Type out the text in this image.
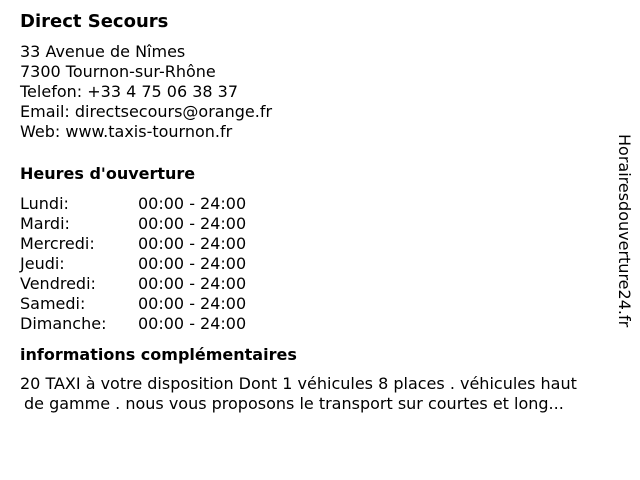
Direct Secours
33 Avenue de Nîmes
7300 Tournon-sur-Rhône
Telefon: +33 4 75 06 38 37
Email: directsecours@orange.fr
Web: www.taxis-tournon.fr
Heures d'ouverture
Lundi:	00:00 - 24:00
Mardi:	00:00 - 24:00
Mercredi:	00:00 - 24:00
Jeudi:	00:00 - 24:00
Vendredi:	00:00 - 24:00
Samedi:	00:00 - 24:00
Dimanche:	00:00 - 24:00
informations complémentaires

20 TAXI à votre disposition Dont 1 véhicules 8 places . véhicules haut
de gamme . nous vous proposons le transport sur courtes et long...

Horairesdouverture24.fr
